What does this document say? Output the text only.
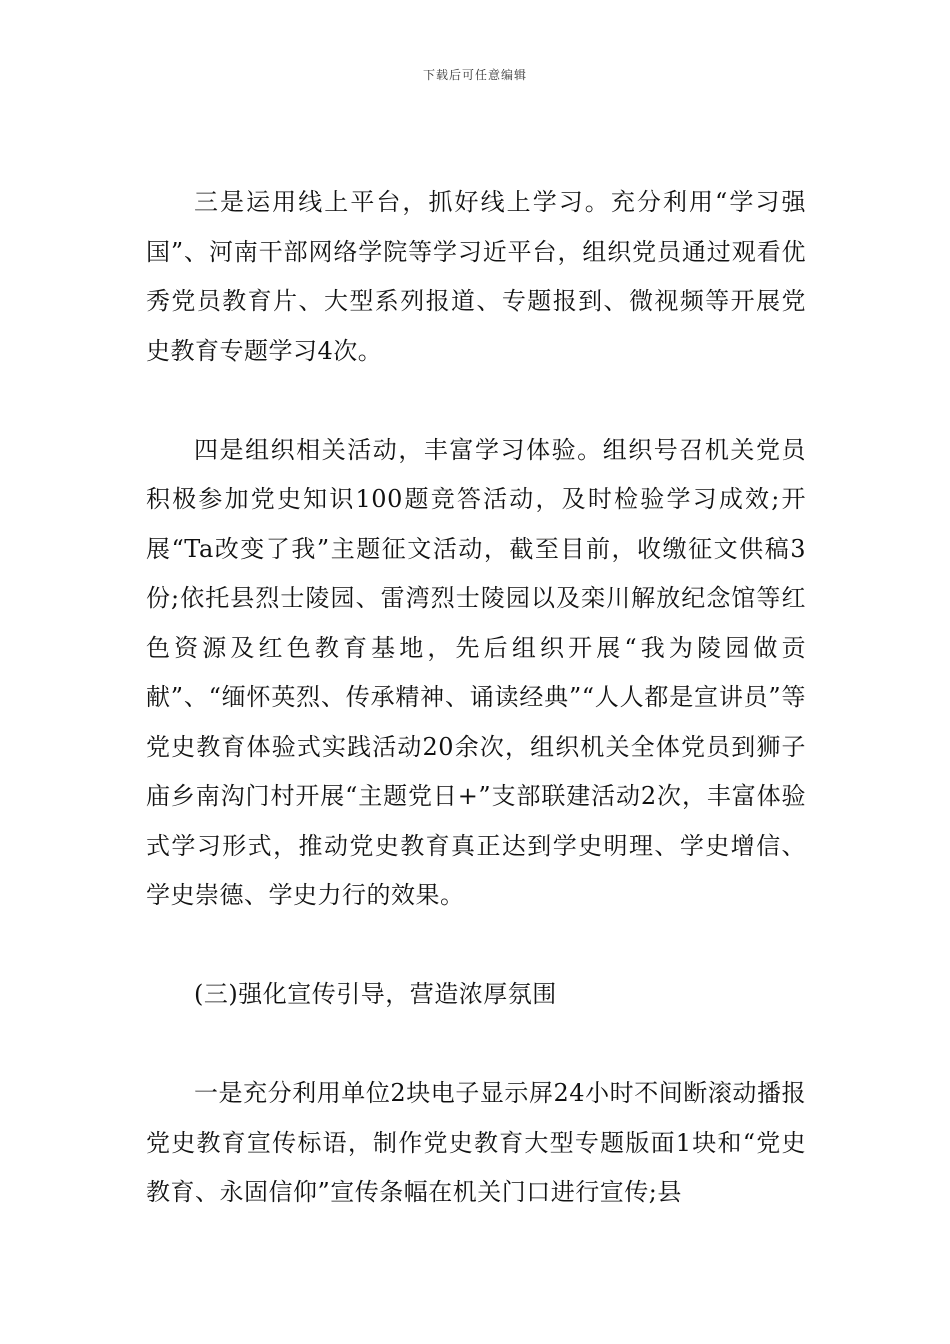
下载后可任意编辑

三是运用线上平台，抓好线上学习。充分利用“学习强国”、河南干部网络学院等学习近平台，组织党员通过观看优秀党员教育片、大型系列报道、专题报到、微视频等开展党史教育专题学习4次。

四是组织相关活动，丰富学习体验。组织号召机关党员积极参加党史知识100题竞答活动，及时检验学习成效;开展“Ta改变了我”主题征文活动，截至目前，收缴征文供稿3份;依托县烈士陵园、雷湾烈士陵园以及栾川解放纪念馆等红色资源及红色教育基地，先后组织开展“我为陵园做贡献”、“缅怀英烈、传承精神、诵读经典”“人人都是宣讲员”等党史教育体验式实践活动20余次，组织机关全体党员到狮子庙乡南沟门村开展“主题党日+”支部联建活动2次，丰富体验式学习形式，推动党史教育真正达到学史明理、学史增信、学史崇德、学史力行的效果。

(三)强化宣传引导，营造浓厚氛围

一是充分利用单位2块电子显示屏24小时不间断滚动播报党史教育宣传标语，制作党史教育大型专题版面1块和“党史教育、永固信仰”宣传条幅在机关门口进行宣传;县
